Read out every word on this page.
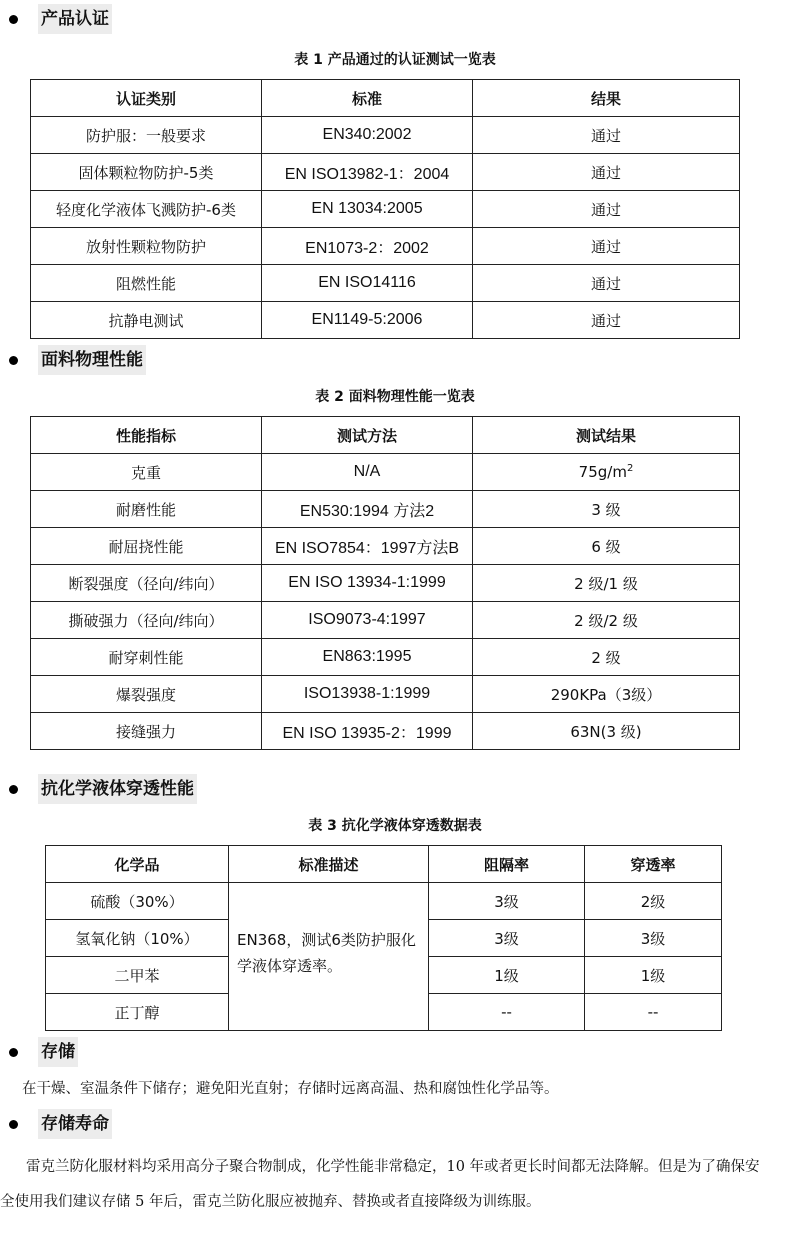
产品认证
表 1 产品通过的认证测试一览表
认证类别	标准	结果
防护服：一般要求	EN340:2002	通过
固体颗粒物防护-5类	EN ISO13982-1：2004	通过
轻度化学液体飞溅防护-6类	EN 13034:2005	通过
放射性颗粒物防护	EN1073-2：2002	通过
阻燃性能	EN ISO14116	通过
抗静电测试	EN1149-5:2006	通过
面料物理性能
表 2 面料物理性能一览表
性能指标	测试方法	测试结果
克重	N/A	$75g/m^2$
耐磨性能	EN530:1994 方法2	3 级
耐屈挠性能	EN ISO7854：1997方法B	6 级
断裂强度（径向/纬向）	EN ISO 13934-1:1999	2 级/1 级
撕破强力（径向/纬向）	ISO9073-4:1997	2 级/2 级
耐穿刺性能	EN863:1995	2 级
爆裂强度	ISO13938-1:1999	290KPa（3级）
接缝强力	EN ISO 13935-2：1999	63N(3 级)
抗化学液体穿透性能
表 3 抗化学液体穿透数据表
化学品	标准描述	阻隔率	穿透率
硫酸（30%）	EN368，测试6类防护服化学液体穿透率。	3级	2级
氢氧化钠（10%）		3级	3级
二甲苯		1级	1级
正丁醇		--	--
存储
在干燥、室温条件下储存；避免阳光直射；存储时远离高温、热和腐蚀性化学品等。
存储寿命
雷克兰防化服材料均采用高分子聚合物制成，化学性能非常稳定，10 年或者更长时间都无法降解。但是为了确保安全使用我们建议存储 5 年后，雷克兰防化服应被抛弃、替换或者直接降级为训练服。
